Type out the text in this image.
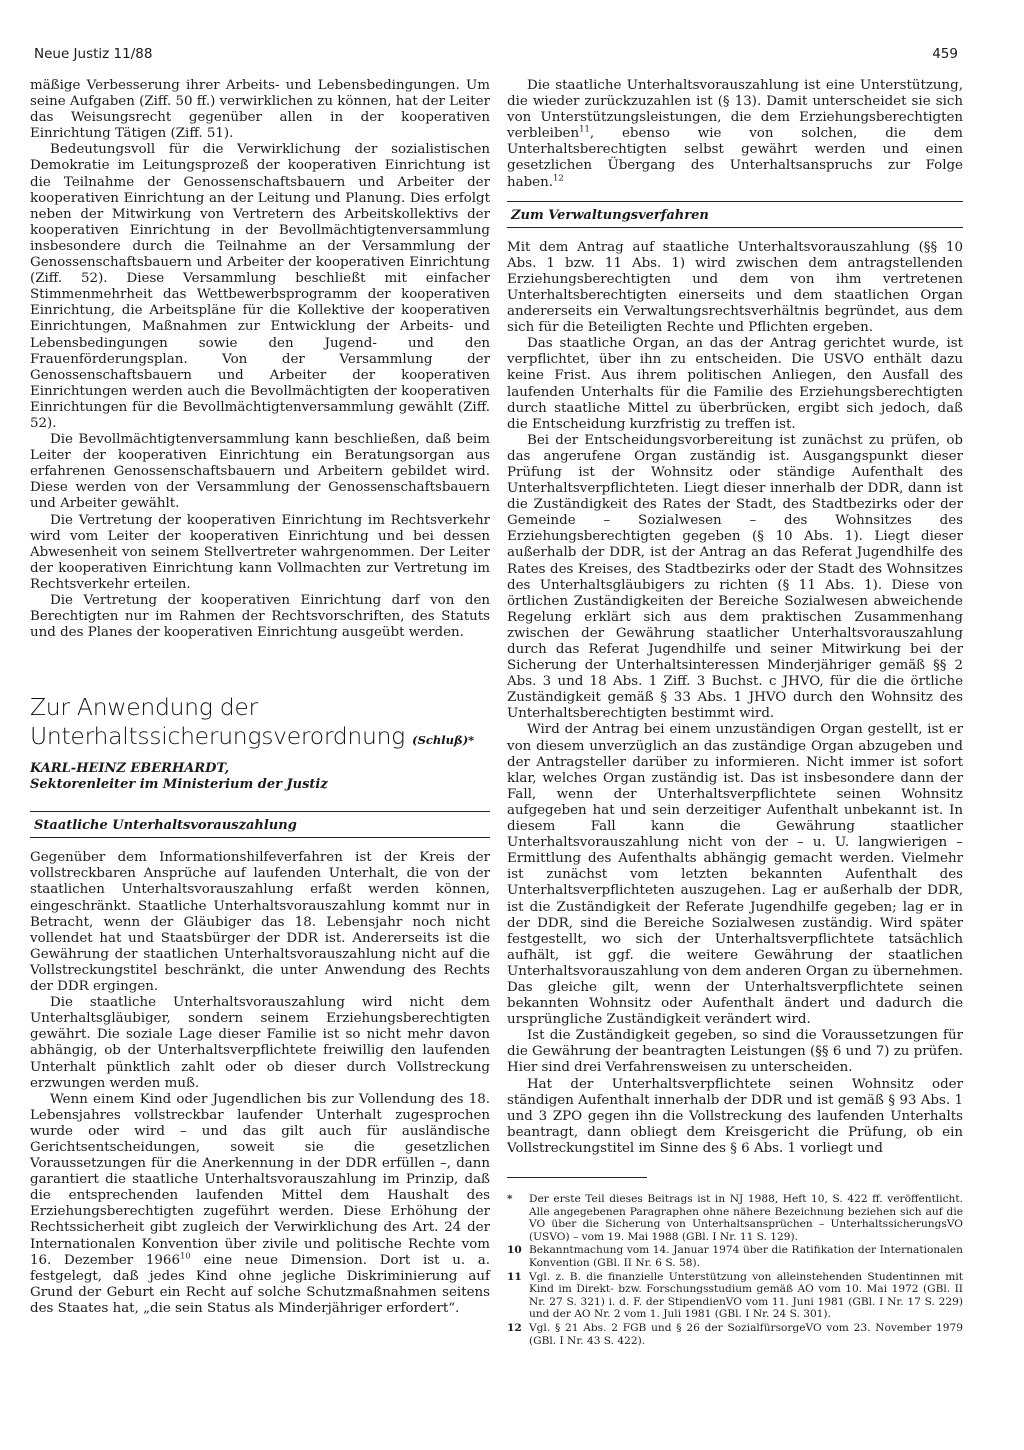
Neue Justiz 11/88	459

mäßige Verbesserung ihrer Arbeits- und Lebensbedingungen. Um seine Aufgaben (Ziff. 50 ff.) verwirklichen zu können, hat der Leiter das Weisungsrecht gegenüber allen in der kooperativen Einrichtung Tätigen (Ziff. 51).

Bedeutungsvoll für die Verwirklichung der sozialistischen Demokratie im Leitungsprozeß der kooperativen Einrichtung ist die Teilnahme der Genossenschaftsbauern und Arbeiter der kooperativen Einrichtung an der Leitung und Planung. Dies erfolgt neben der Mitwirkung von Vertretern des Arbeitskollektivs der kooperativen Einrichtung in der Bevollmächtigtenversammlung insbesondere durch die Teilnahme an der Versammlung der Genossenschaftsbauern und Arbeiter der kooperativen Einrichtung (Ziff. 52). Diese Versammlung beschließt mit einfacher Stimmenmehrheit das Wettbewerbsprogramm der kooperativen Einrichtung, die Arbeitspläne für die Kollektive der kooperativen Einrichtungen, Maßnahmen zur Entwicklung der Arbeits- und Lebensbedingungen sowie den Jugend- und den Frauenförderungsplan. Von der Versammlung der Genossenschaftsbauern und Arbeiter der kooperativen Einrichtungen werden auch die Bevollmächtigten der kooperativen Einrichtungen für die Bevollmächtigtenversammlung gewählt (Ziff. 52).

Die Bevollmächtigtenversammlung kann beschließen, daß beim Leiter der kooperativen Einrichtung ein Beratungsorgan aus erfahrenen Genossenschaftsbauern und Arbeitern gebildet wird. Diese werden von der Versammlung der Genossenschaftsbauern und Arbeiter gewählt.

Die Vertretung der kooperativen Einrichtung im Rechtsverkehr wird vom Leiter der kooperativen Einrichtung und bei dessen Abwesenheit von seinem Stellvertreter wahrgenommen. Der Leiter der kooperativen Einrichtung kann Vollmachten zur Vertretung im Rechtsverkehr erteilen.

Die Vertretung der kooperativen Einrichtung darf von den Berechtigten nur im Rahmen der Rechtsvorschriften, des Statuts und des Planes der kooperativen Einrichtung ausgeübt werden.

Zur Anwendung der
Unterhaltssicherungsverordnung (Schluß)*
KARL-HEINZ EBERHARDT,
Sektorenleiter im Ministerium der Justiz
Staatliche Unterhaltsvorauszahlung

Gegenüber dem Informationshilfeverfahren ist der Kreis der vollstreckbaren Ansprüche auf laufenden Unterhalt, die von der staatlichen Unterhaltsvorauszahlung erfaßt werden können, eingeschränkt. Staatliche Unterhaltsvorauszahlung kommt nur in Betracht, wenn der Gläubiger das 18. Lebensjahr noch nicht vollendet hat und Staatsbürger der DDR ist. Andererseits ist die Gewährung der staatlichen Unterhaltsvorauszahlung nicht auf die Vollstreckungstitel beschränkt, die unter Anwendung des Rechts der DDR ergingen.

Die staatliche Unterhaltsvorauszahlung wird nicht dem Unterhaltsgläubiger, sondern seinem Erziehungsberechtigten gewährt. Die soziale Lage dieser Familie ist so nicht mehr davon abhängig, ob der Unterhaltsverpflichtete freiwillig den laufenden Unterhalt pünktlich zahlt oder ob dieser durch Vollstreckung erzwungen werden muß.

Wenn einem Kind oder Jugendlichen bis zur Vollendung des 18. Lebensjahres vollstreckbar laufender Unterhalt zugesprochen wurde oder wird – und das gilt auch für ausländische Gerichtsentscheidungen, soweit sie die gesetzlichen Voraussetzungen für die Anerkennung in der DDR erfüllen –, dann garantiert die staatliche Unterhaltsvorauszahlung im Prinzip, daß die entsprechenden laufenden Mittel dem Haushalt des Erziehungsberechtigten zugeführt werden. Diese Erhöhung der Rechtssicherheit gibt zugleich der Verwirklichung des Art. 24 der Internationalen Konvention über zivile und politische Rechte vom 16. Dezember 1966$^{10}$ eine neue Dimension. Dort ist u. a. festgelegt, daß jedes Kind ohne jegliche Diskriminierung auf Grund der Geburt ein Recht auf solche Schutzmaßnahmen seitens des Staates hat, „die sein Status als Minderjähriger erfordert“.

Die staatliche Unterhaltsvorauszahlung ist eine Unterstützung, die wieder zurückzuzahlen ist (§ 13). Damit unterscheidet sie sich von Unterstützungsleistungen, die dem Erziehungsberechtigten verbleiben$^{11}$, ebenso wie von solchen, die dem Unterhaltsberechtigten selbst gewährt werden und einen gesetzlichen Übergang des Unterhaltsanspruchs zur Folge haben.$^{12}$

Zum Verwaltungsverfahren

Mit dem Antrag auf staatliche Unterhaltsvorauszahlung (§§ 10 Abs. 1 bzw. 11 Abs. 1) wird zwischen dem antragstellenden Erziehungsberechtigten und dem von ihm vertretenen Unterhaltsberechtigten einerseits und dem staatlichen Organ andererseits ein Verwaltungsrechtsverhältnis begründet, aus dem sich für die Beteiligten Rechte und Pflichten ergeben.

Das staatliche Organ, an das der Antrag gerichtet wurde, ist verpflichtet, über ihn zu entscheiden. Die USVO enthält dazu keine Frist. Aus ihrem politischen Anliegen, den Ausfall des laufenden Unterhalts für die Familie des Erziehungsberechtigten durch staatliche Mittel zu überbrücken, ergibt sich jedoch, daß die Entscheidung kurzfristig zu treffen ist.

Bei der Entscheidungsvorbereitung ist zunächst zu prüfen, ob das angerufene Organ zuständig ist. Ausgangspunkt dieser Prüfung ist der Wohnsitz oder ständige Aufenthalt des Unterhaltsverpflichteten. Liegt dieser innerhalb der DDR, dann ist die Zuständigkeit des Rates der Stadt, des Stadtbezirks oder der Gemeinde – Sozialwesen – des Wohnsitzes des Erziehungsberechtigten gegeben (§ 10 Abs. 1). Liegt dieser außerhalb der DDR, ist der Antrag an das Referat Jugendhilfe des Rates des Kreises, des Stadtbezirks oder der Stadt des Wohnsitzes des Unterhaltsgläubigers zu richten (§ 11 Abs. 1). Diese von örtlichen Zuständigkeiten der Bereiche Sozialwesen abweichende Regelung erklärt sich aus dem praktischen Zusammenhang zwischen der Gewährung staatlicher Unterhaltsvorauszahlung durch das Referat Jugendhilfe und seiner Mitwirkung bei der Sicherung der Unterhaltsinteressen Minderjähriger gemäß §§ 2 Abs. 3 und 18 Abs. 1 Ziff. 3 Buchst. c JHVO, für die die örtliche Zuständigkeit gemäß § 33 Abs. 1 JHVO durch den Wohnsitz des Unterhaltsberechtigten bestimmt wird.

Wird der Antrag bei einem unzuständigen Organ gestellt, ist er von diesem unverzüglich an das zuständige Organ abzugeben und der Antragsteller darüber zu informieren. Nicht immer ist sofort klar, welches Organ zuständig ist. Das ist insbesondere dann der Fall, wenn der Unterhaltsverpflichtete seinen Wohnsitz aufgegeben hat und sein derzeitiger Aufenthalt unbekannt ist. In diesem Fall kann die Gewährung staatlicher Unterhaltsvorauszahlung nicht von der – u. U. langwierigen – Ermittlung des Aufenthalts abhängig gemacht werden. Vielmehr ist zunächst vom letzten bekannten Aufenthalt des Unterhaltsverpflichteten auszugehen. Lag er außerhalb der DDR, ist die Zuständigkeit der Referate Jugendhilfe gegeben; lag er in der DDR, sind die Bereiche Sozialwesen zuständig. Wird später festgestellt, wo sich der Unterhaltsverpflichtete tatsächlich aufhält, ist ggf. die weitere Gewährung der staatlichen Unterhaltsvorauszahlung von dem anderen Organ zu übernehmen. Das gleiche gilt, wenn der Unterhaltsverpflichtete seinen bekannten Wohnsitz oder Aufenthalt ändert und dadurch die ursprüngliche Zuständigkeit verändert wird.

Ist die Zuständigkeit gegeben, so sind die Voraussetzungen für die Gewährung der beantragten Leistungen (§§ 6 und 7) zu prüfen. Hier sind drei Verfahrensweisen zu unterscheiden.

Hat der Unterhaltsverpflichtete seinen Wohnsitz oder ständigen Aufenthalt innerhalb der DDR und ist gemäß § 93 Abs. 1 und 3 ZPO gegen ihn die Vollstreckung des laufenden Unterhalts beantragt, dann obliegt dem Kreisgericht die Prüfung, ob ein Vollstreckungstitel im Sinne des § 6 Abs. 1 vorliegt und

*	Der erste Teil dieses Beitrags ist in NJ 1988, Heft 10, S. 422 ff. veröffentlicht. Alle angegebenen Paragraphen ohne nähere Bezeichnung beziehen sich auf die VO über die Sicherung von Unterhaltsansprüchen – UnterhaltssicherungsVO (USVO) – vom 19. Mai 1988 (GBl. I Nr. 11 S. 129).
10 Bekanntmachung vom 14. Januar 1974 über die Ratifikation der Internationalen Konvention (GBl. II Nr. 6 S. 58).
11 Vgl. z. B. die finanzielle Unterstützung von alleinstehenden Studentinnen mit Kind im Direkt- bzw. Forschungsstudium gemäß AO vom 10. Mai 1972 (GBl. II Nr. 27 S. 321) i. d. F. der StipendienVO vom 11. Juni 1981 (GBl. I Nr. 17 S. 229) und der AO Nr. 2 vom 1. Juli 1981 (GBl. I Nr. 24 S. 301).
12 Vgl. § 21 Abs. 2 FGB und § 26 der SozialfürsorgeVO vom 23. November 1979 (GBl. I Nr. 43 S. 422).
